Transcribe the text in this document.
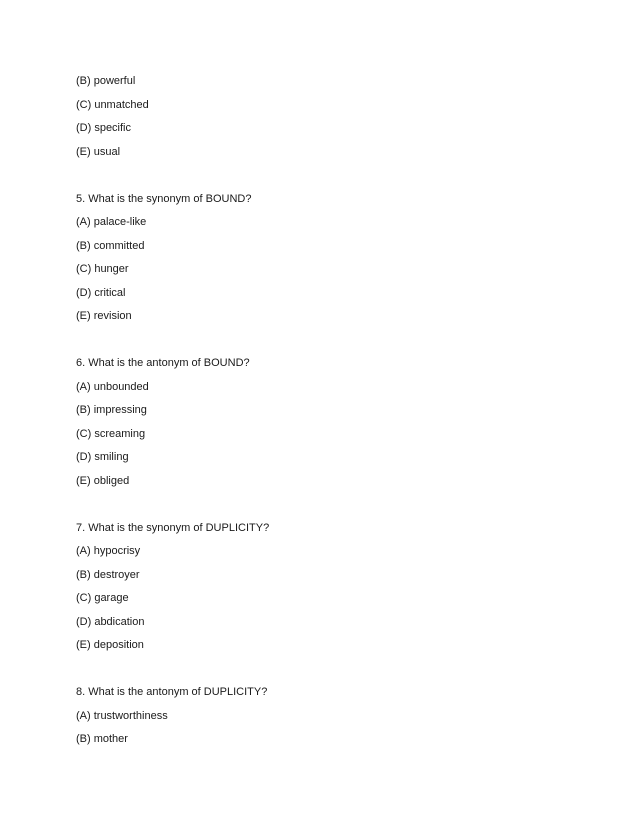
(B) powerful
(C) unmatched
(D) specific
(E) usual
5. What is the synonym of BOUND?
(A) palace-like
(B) committed
(C) hunger
(D) critical
(E) revision
6. What is the antonym of BOUND?
(A) unbounded
(B) impressing
(C) screaming
(D) smiling
(E) obliged
7. What is the synonym of DUPLICITY?
(A) hypocrisy
(B) destroyer
(C) garage
(D) abdication
(E) deposition
8. What is the antonym of DUPLICITY?
(A) trustworthiness
(B) mother
